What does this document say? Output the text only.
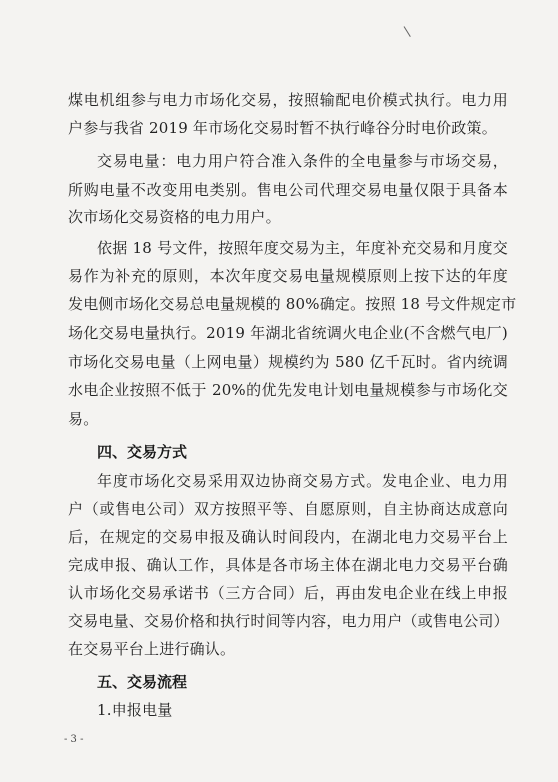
煤电机组参与电力市场化交易，按照输配电价模式执行。电力用
户参与我省 2019 年市场化交易时暂不执行峰谷分时电价政策。
交易电量：电力用户符合准入条件的全电量参与市场交易，
所购电量不改变用电类别。售电公司代理交易电量仅限于具备本
次市场化交易资格的电力用户。
依据 18 号文件，按照年度交易为主，年度补充交易和月度交
易作为补充的原则，本次年度交易电量规模原则上按下达的年度
发电侧市场化交易总电量规模的 80%确定。按照 18 号文件规定市
场化交易电量执行。2019 年湖北省统调火电企业(不含燃气电厂)
市场化交易电量（上网电量）规模约为 580 亿千瓦时。省内统调
水电企业按照不低于 20%的优先发电计划电量规模参与市场化交
易。
四、交易方式
年度市场化交易采用双边协商交易方式。发电企业、电力用
户（或售电公司）双方按照平等、自愿原则，自主协商达成意向
后，在规定的交易申报及确认时间段内，在湖北电力交易平台上
完成申报、确认工作，具体是各市场主体在湖北电力交易平台确
认市场化交易承诺书（三方合同）后，再由发电企业在线上申报
交易电量、交易价格和执行时间等内容，电力用户（或售电公司）
在交易平台上进行确认。
五、交易流程
1.申报电量
- 3 -
